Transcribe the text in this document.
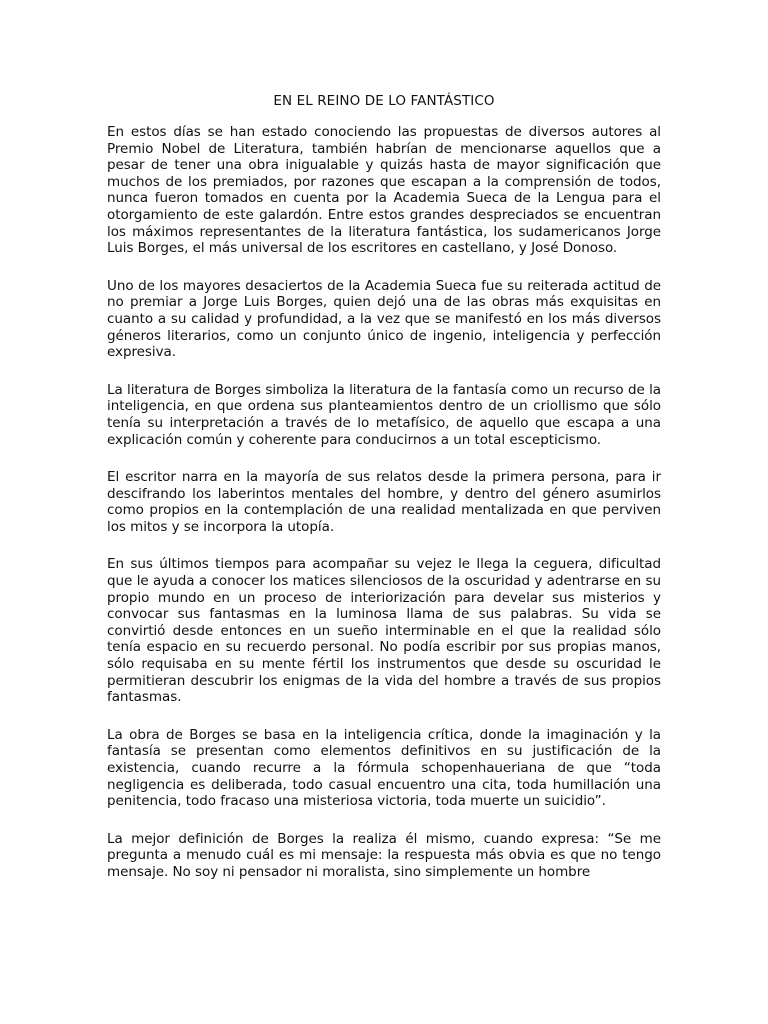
EN EL REINO DE LO FANTÁSTICO

En estos días se han estado conociendo las propuestas de diversos autores al Premio Nobel de Literatura, también habrían de mencionarse aquellos que a pesar de tener una obra inigualable y quizás hasta de mayor significación que muchos de los premiados, por razones que escapan a la comprensión de todos, nunca fueron tomados en cuenta por la Academia Sueca de la Lengua para el otorgamiento de este galardón. Entre estos grandes despreciados se encuentran los máximos representantes de la literatura fantástica, los sudamericanos Jorge Luis Borges, el más universal de los escritores en castellano, y José Donoso.

Uno de los mayores desaciertos de la Academia Sueca fue su reiterada actitud de no premiar a Jorge Luis Borges, quien dejó una de las obras más exquisitas en cuanto a su calidad y profundidad, a la vez que se manifestó en los más diversos géneros literarios, como un conjunto único de ingenio, inteligencia y perfección expresiva.

La literatura de Borges simboliza la literatura de la fantasía como un recurso de la inteligencia, en que ordena sus planteamientos dentro de un criollismo que sólo tenía su interpretación a través de lo metafísico, de aquello que escapa a una explicación común y coherente para conducirnos a un total escepticismo.

El escritor narra en la mayoría de sus relatos desde la primera persona, para ir descifrando los laberintos mentales del hombre, y dentro del género asumirlos como propios en la contemplación de una realidad mentalizada en que perviven los mitos y se incorpora la utopía.

En sus últimos tiempos para acompañar su vejez le llega la ceguera, dificultad que le ayuda a conocer los matices silenciosos de la oscuridad y adentrarse en su propio mundo en un proceso de interiorización para develar sus misterios y convocar sus fantasmas en la luminosa llama de sus palabras. Su vida se convirtió desde entonces en un sueño interminable en el que la realidad sólo tenía espacio en su recuerdo personal. No podía escribir por sus propias manos, sólo requisaba en su mente fértil los instrumentos que desde su oscuridad le permitieran descubrir los enigmas de la vida del hombre a través de sus propios fantasmas.

La obra de Borges se basa en la inteligencia crítica, donde la imaginación y la fantasía se presentan como elementos definitivos en su justificación de la existencia, cuando recurre a la fórmula schopenhaueriana de que “toda negligencia es deliberada, todo casual encuentro una cita, toda humillación una penitencia, todo fracaso una misteriosa victoria, toda muerte un suicidio”.

La mejor definición de Borges la realiza él mismo, cuando expresa: “Se me pregunta a menudo cuál es mi mensaje: la respuesta más obvia es que no tengo mensaje. No soy ni pensador ni moralista, sino simplemente un hombre
